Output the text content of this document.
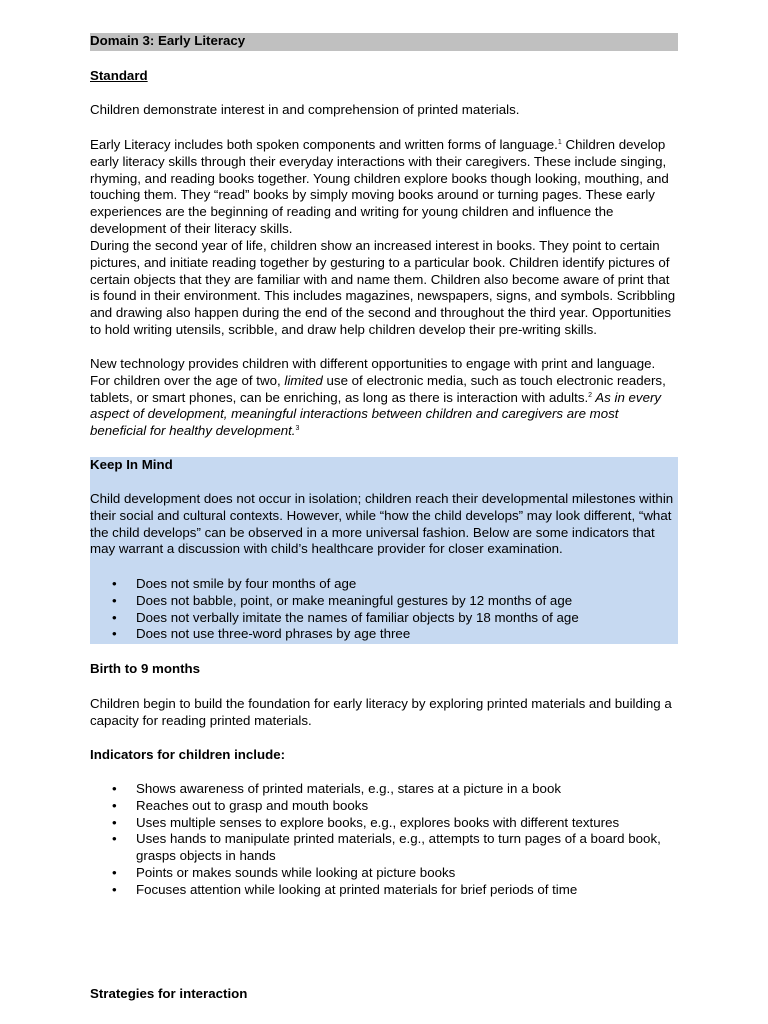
Domain 3: Early Literacy
Standard

Children demonstrate interest in and comprehension of printed materials.

Early Literacy includes both spoken components and written forms of language.$^1$ Children develop early literacy skills through their everyday interactions with their caregivers. These include singing, rhyming, and reading books together. Young children explore books though looking, mouthing, and touching them. They “read” books by simply moving books around or turning pages. These early experiences are the beginning of reading and writing for young children and influence the development of their literacy skills.

During the second year of life, children show an increased interest in books. They point to certain pictures, and initiate reading together by gesturing to a particular book. Children identify pictures of certain objects that they are familiar with and name them. Children also become aware of print that is found in their environment. This includes magazines, newspapers, signs, and symbols. Scribbling and drawing also happen during the end of the second and throughout the third year. Opportunities to hold writing utensils, scribble, and draw help children develop their pre-writing skills.

New technology provides children with different opportunities to engage with print and language. For children over the age of two, limited use of electronic media, such as touch electronic readers, tablets, or smart phones, can be enriching, as long as there is interaction with adults.$^2$ As in every aspect of development, meaningful interactions between children and caregivers are most beneficial for healthy development.$^3$

Keep In Mind

Child development does not occur in isolation; children reach their developmental milestones within their social and cultural contexts. However, while “how the child develops” may look different, “what the child develops” can be observed in a more universal fashion. Below are some indicators that may warrant a discussion with child’s healthcare provider for closer examination.

• Does not smile by four months of age
• Does not babble, point, or make meaningful gestures by 12 months of age
• Does not verbally imitate the names of familiar objects by 18 months of age
• Does not use three-word phrases by age three
Birth to 9 months

Children begin to build the foundation for early literacy by exploring printed materials and building a capacity for reading printed materials.

Indicators for children include:
• Shows awareness of printed materials, e.g., stares at a picture in a book
• Reaches out to grasp and mouth books
• Uses multiple senses to explore books, e.g., explores books with different textures
• Uses hands to manipulate printed materials, e.g., attempts to turn pages of a board book, grasps objects in hands
• Points or makes sounds while looking at picture books
• Focuses attention while looking at printed materials for brief periods of time
Strategies for interaction
